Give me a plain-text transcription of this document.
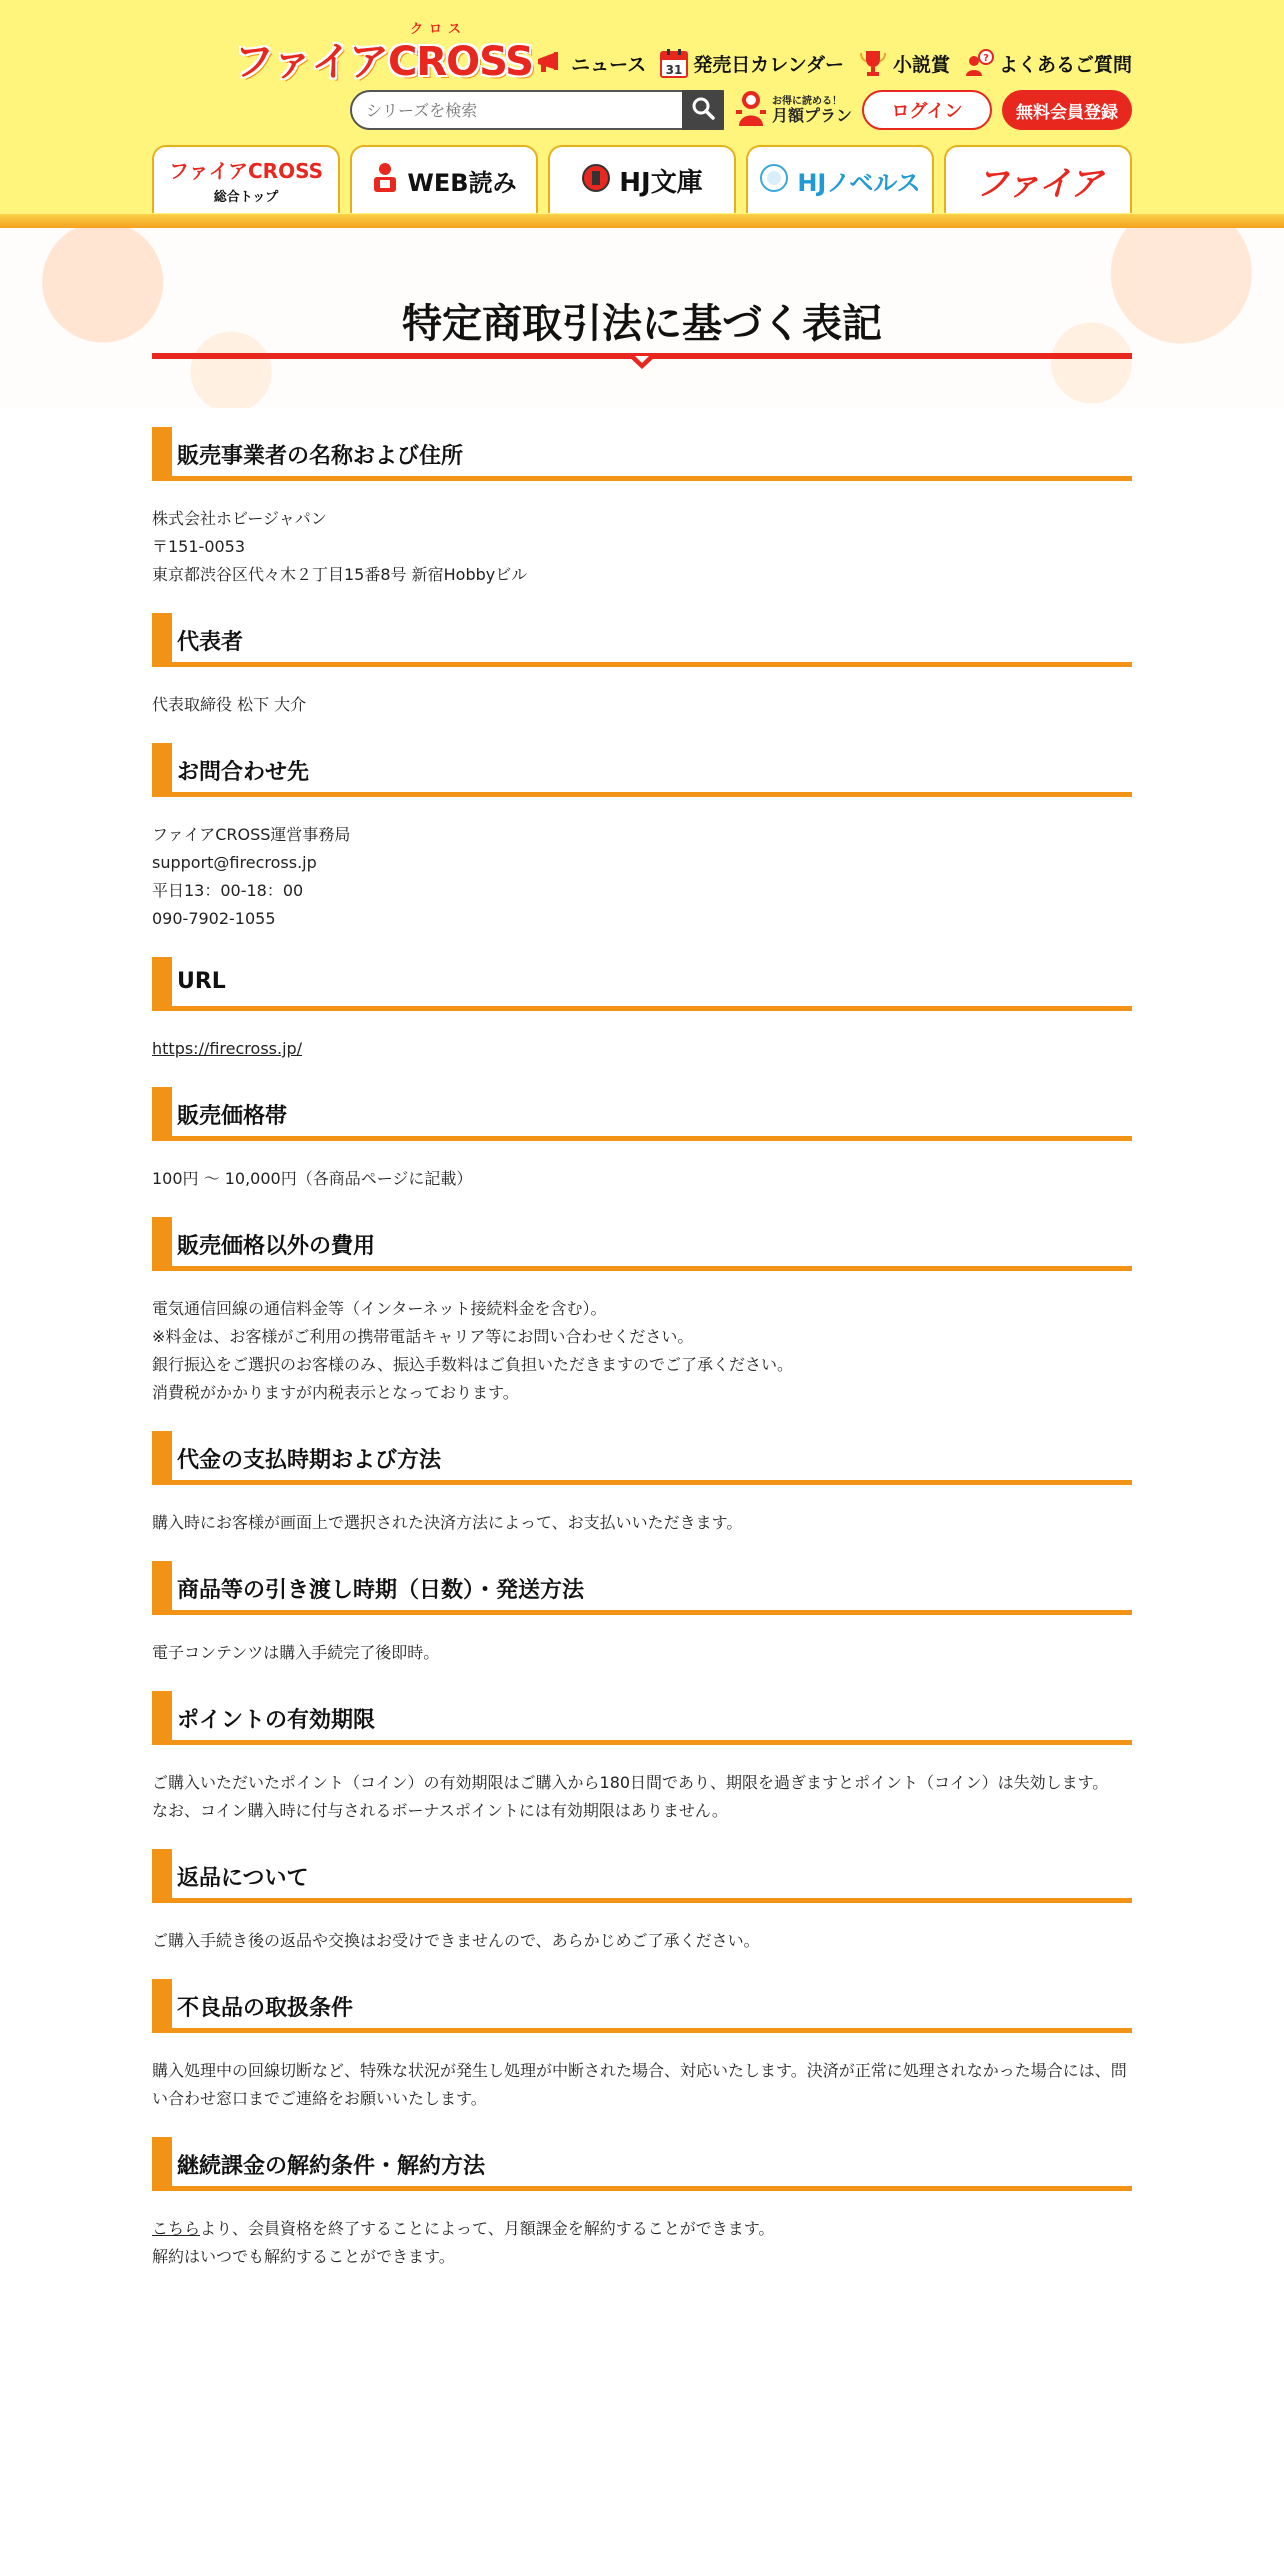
クロス
ファイアCROSS ニュース 31 発売日カレンダー	小説賞	? よくあるご質問
シリーズを検索
お得に読める！
月額プラン	ログイン	無料会員登録
ファイアCROSS
総合トップ
WEB読み	HJ文庫	HJノベルス ファイア
特定商取引法に基づく表記
販売事業者の名称および住所
株式会社ホビージャパン
〒151-0053
東京都渋谷区代々木２丁目15番8号 新宿Hobbyビル
代表者
代表取締役 松下 大介
お問合わせ先
ファイアCROSS運営事務局
support@firecross.jp
平日13：00-18：00
090-7902-1055
URL
https://firecross.jp/
販売価格帯
100円 ～ 10,000円（各商品ページに記載）
販売価格以外の費用
電気通信回線の通信料金等（インターネット接続料金を含む）。
※料金は、お客様がご利用の携帯電話キャリア等にお問い合わせください。
銀行振込をご選択のお客様のみ、振込手数料はご負担いただきますのでご了承ください。
消費税がかかりますが内税表示となっております。
代金の支払時期および方法
購入時にお客様が画面上で選択された決済方法によって、お支払いいただきます。
商品等の引き渡し時期（日数）・発送方法
電子コンテンツは購入手続完了後即時。
ポイントの有効期限
ご購入いただいたポイント（コイン）の有効期限はご購入から180日間であり、期限を過ぎますとポイント（コイン）は失効します。
なお、コイン購入時に付与されるボーナスポイントには有効期限はありません。
返品について
ご購入手続き後の返品や交換はお受けできませんので、あらかじめご了承ください。
不良品の取扱条件
購入処理中の回線切断など、特殊な状況が発生し処理が中断された場合、対応いたします。決済が正常に処理されなかった場合には、問い合わせ窓口までご連絡をお願いいたします。
継続課金の解約条件・解約方法
こちらより、会員資格を終了することによって、月額課金を解約することができます。
解約はいつでも解約することができます。
